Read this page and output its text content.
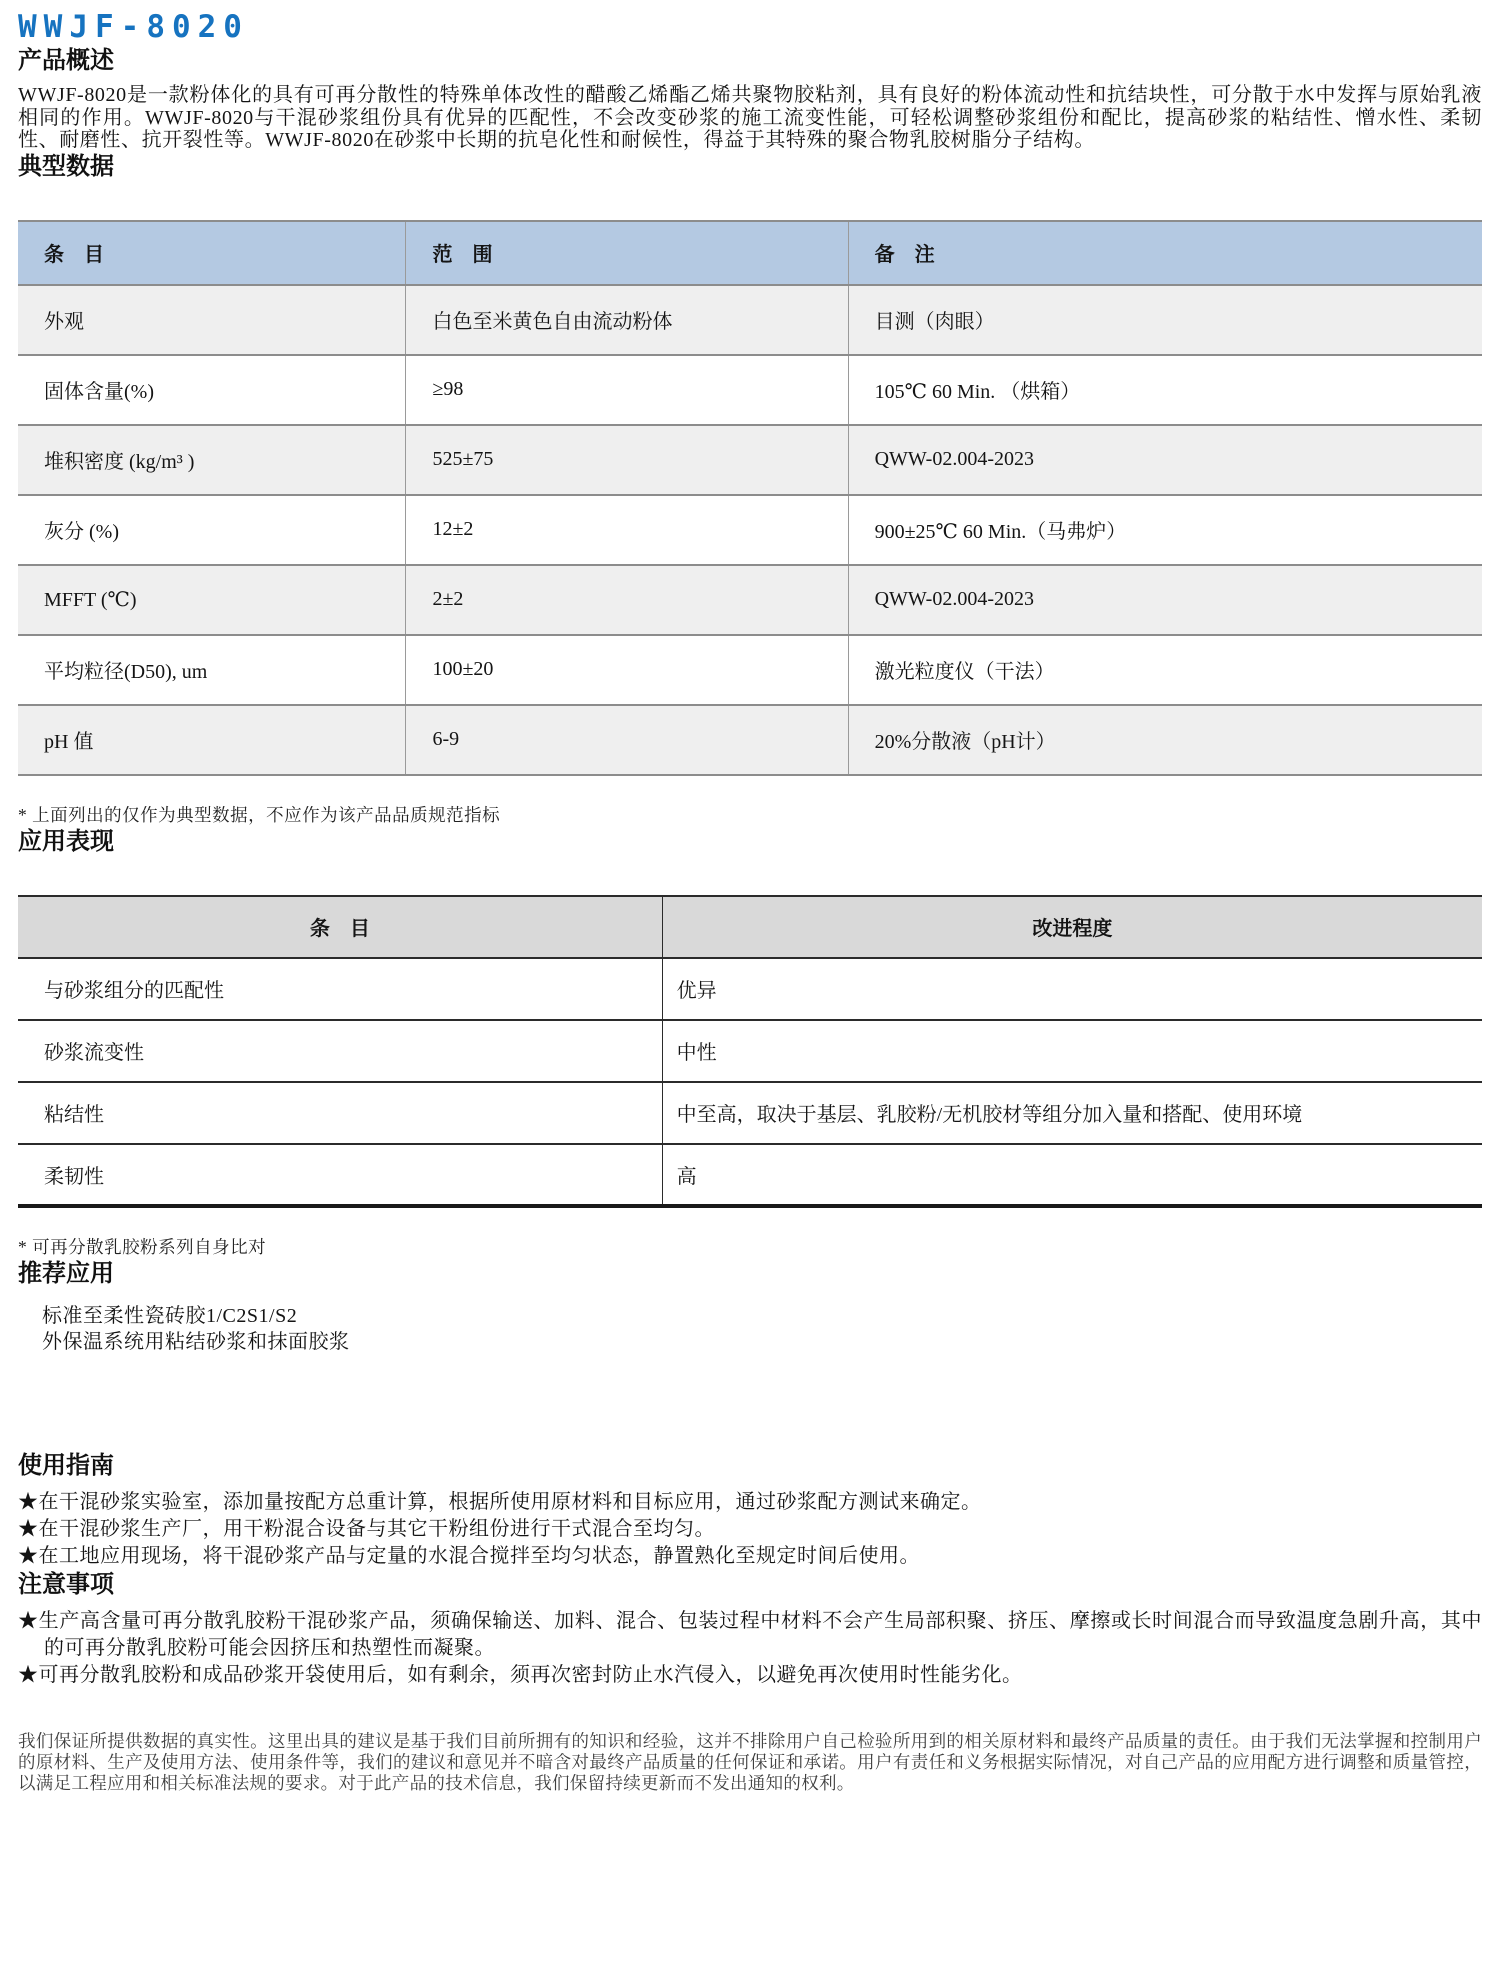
WWJF-8020
产品概述

WWJF-8020是一款粉体化的具有可再分散性的特殊单体改性的醋酸乙烯酯乙烯共聚物胶粘剂，具有良好的粉体流动性和抗结块性，可分散于水中发挥与原始乳液相同的作用。WWJF-8020与干混砂浆组份具有优异的匹配性，不会改变砂浆的施工流变性能，可轻松调整砂浆组份和配比，提高砂浆的粘结性、憎水性、柔韧性、耐磨性、抗开裂性等。WWJF-8020在砂浆中长期的抗皂化性和耐候性，得益于其特殊的聚合物乳胶树脂分子结构。

典型数据
条　目	范　围	备　注
外观	白色至米黄色自由流动粉体	目测（肉眼）
固体含量(%)	≥98	105℃ 60 Min. （烘箱）
堆积密度 (kg/m³ )	525±75	QWW-02.004-2023
灰分 (%)	12±2	900±25℃ 60 Min.（马弗炉）
MFFT (℃)	2±2	QWW-02.004-2023
平均粒径(D50), um	100±20	激光粒度仪（干法）
pH 值	6-9	20%分散液（pH计）
* 上面列出的仅作为典型数据，不应作为该产品品质规范指标
应用表现
条　目	改进程度
与砂浆组分的匹配性	优异
砂浆流变性	中性
粘结性	中至高，取决于基层、乳胶粉/无机胶材等组分加入量和搭配、使用环境
柔韧性	高
* 可再分散乳胶粉系列自身比对
推荐应用
标准至柔性瓷砖胶1/C2S1/S2
外保温系统用粘结砂浆和抹面胶浆
使用指南
★在干混砂浆实验室，添加量按配方总重计算，根据所使用原材料和目标应用，通过砂浆配方测试来确定。
★在干混砂浆生产厂，用干粉混合设备与其它干粉组份进行干式混合至均匀。
★在工地应用现场，将干混砂浆产品与定量的水混合搅拌至均匀状态，静置熟化至规定时间后使用。
注意事项
★生产高含量可再分散乳胶粉干混砂浆产品，须确保输送、加料、混合、包装过程中材料不会产生局部积聚、挤压、摩擦或长时间混合而导致温度急剧升高，其中的可再分散乳胶粉可能会因挤压和热塑性而凝聚。
★可再分散乳胶粉和成品砂浆开袋使用后，如有剩余，须再次密封防止水汽侵入，以避免再次使用时性能劣化。

我们保证所提供数据的真实性。这里出具的建议是基于我们目前所拥有的知识和经验，这并不排除用户自己检验所用到的相关原材料和最终产品质量的责任。由于我们无法掌握和控制用户的原材料、生产及使用方法、使用条件等，我们的建议和意见并不暗含对最终产品质量的任何保证和承诺。用户有责任和义务根据实际情况，对自己产品的应用配方进行调整和质量管控，以满足工程应用和相关标准法规的要求。对于此产品的技术信息，我们保留持续更新而不发出通知的权利。
